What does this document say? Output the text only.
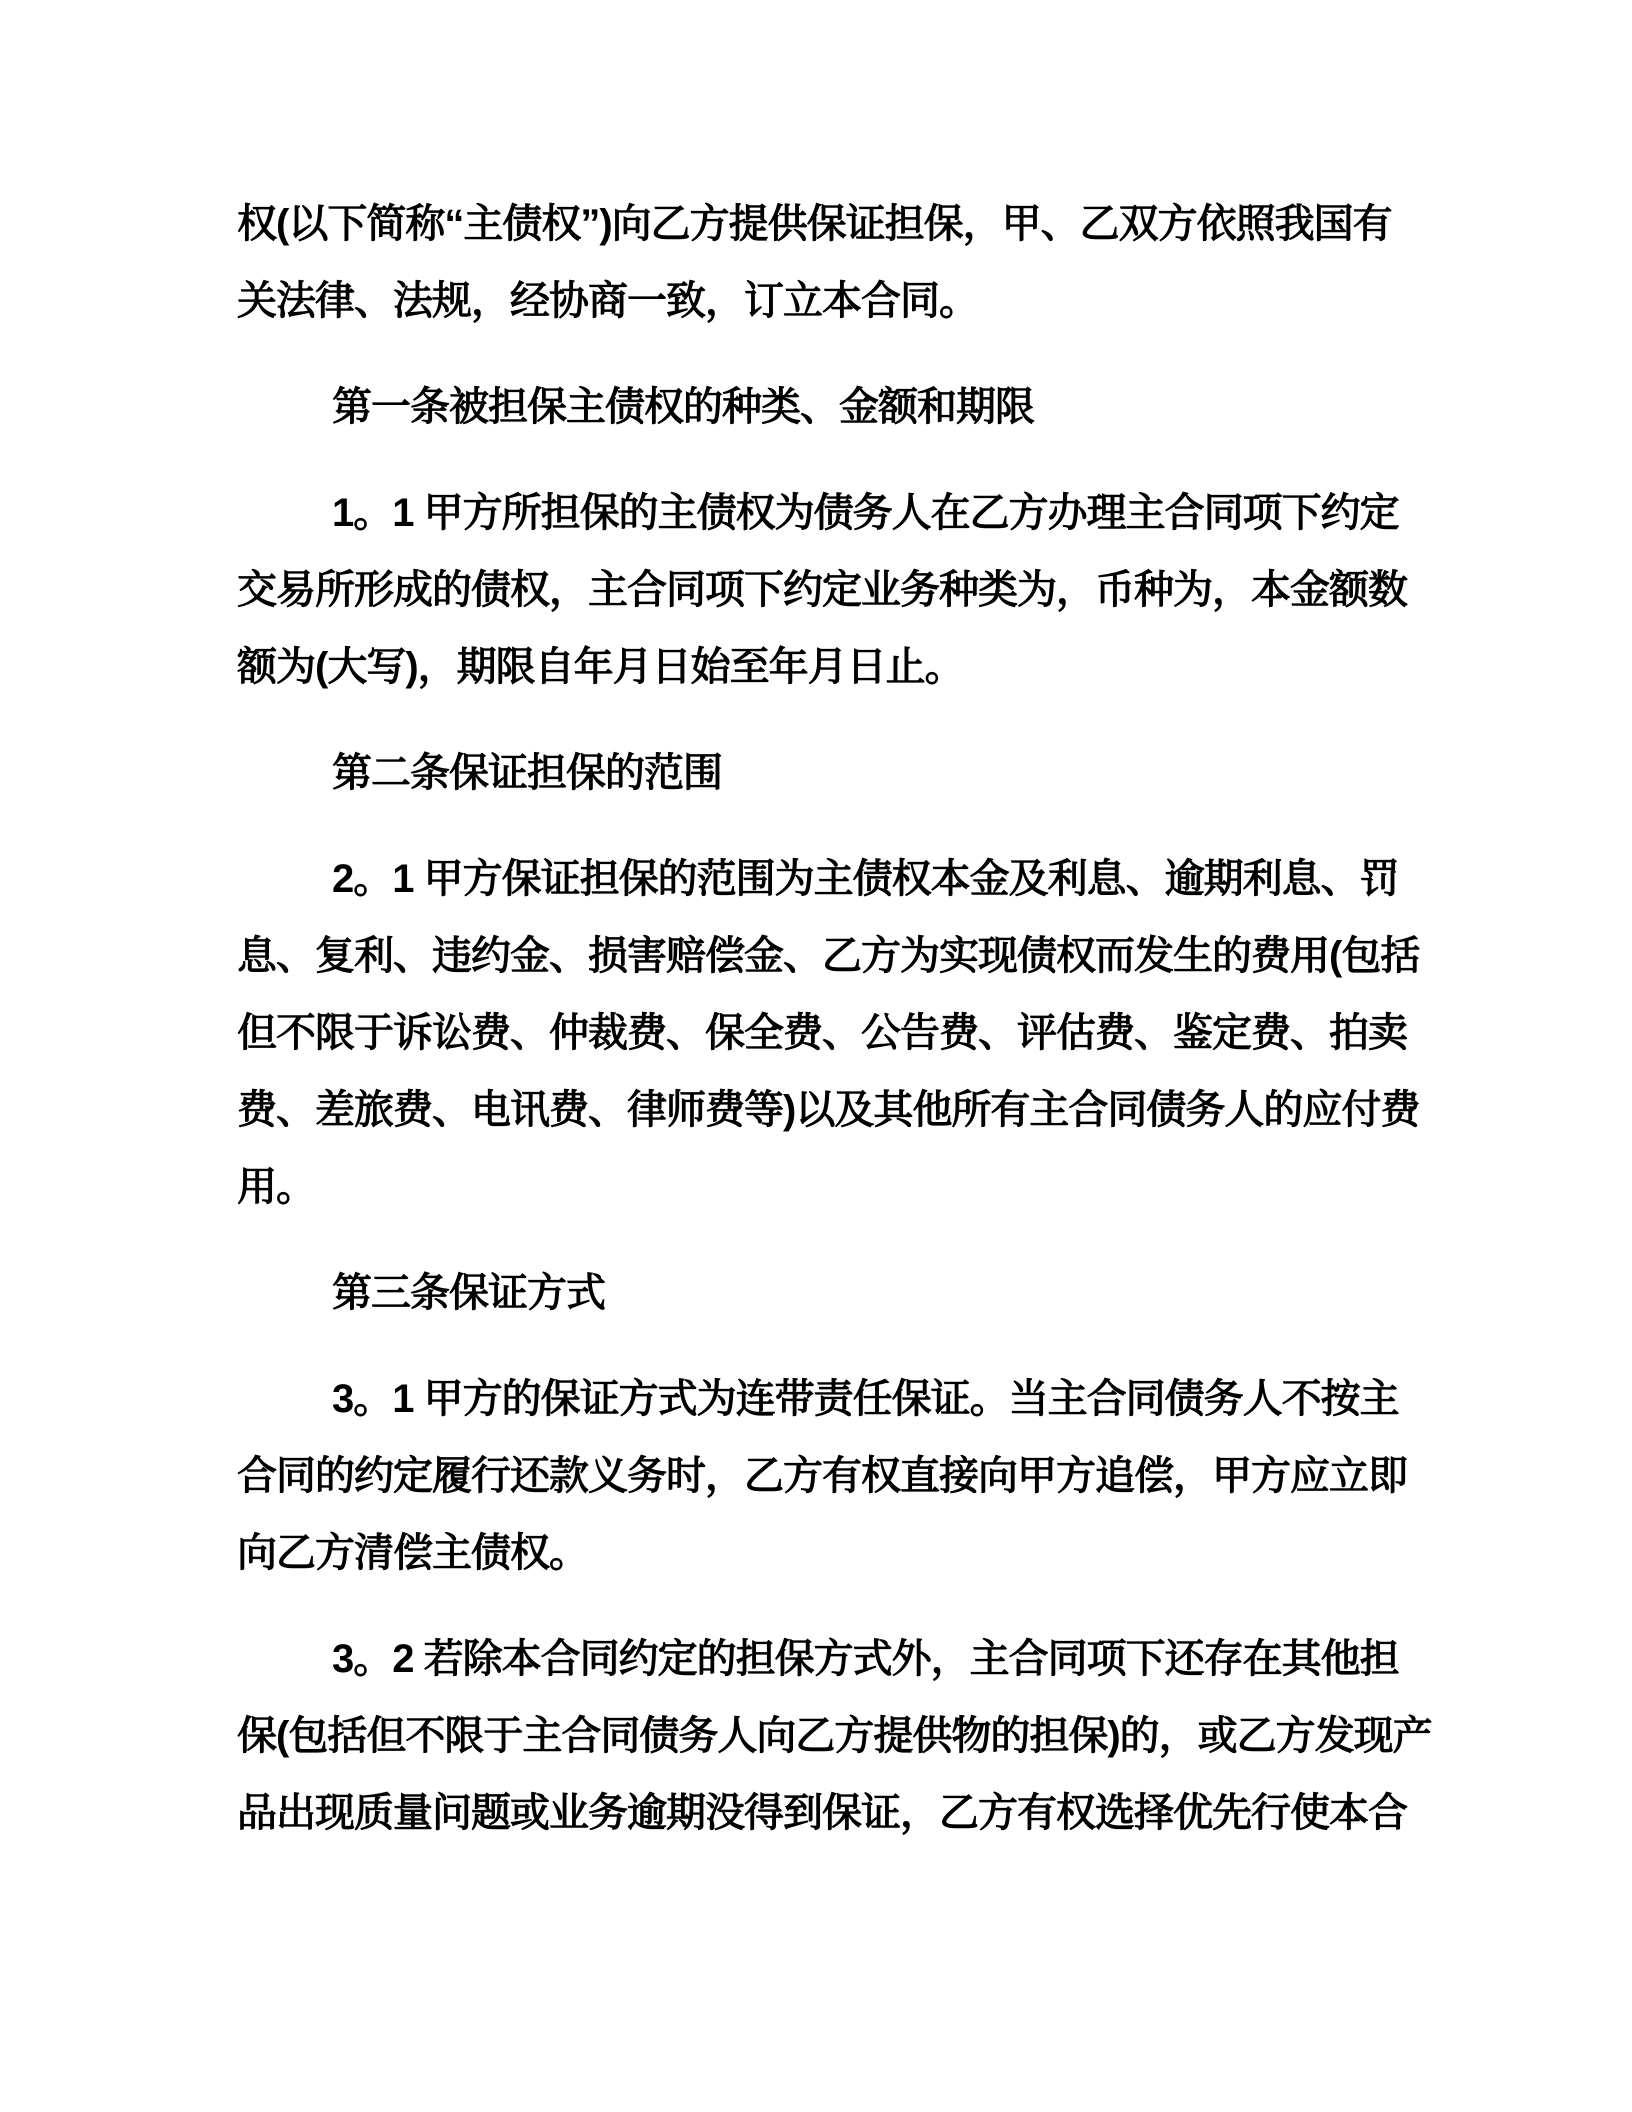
权(以下简称“主债权”)向乙方提供保证担保，甲、乙双方依照我国有
关法律、法规，经协商一致，订立本合同。
第一条被担保主债权的种类、金额和期限
1。1 甲方所担保的主债权为债务人在乙方办理主合同项下约定
交易所形成的债权，主合同项下约定业务种类为，币种为，本金额数
额为(大写)，期限自年月日始至年月日止。
第二条保证担保的范围
2。1 甲方保证担保的范围为主债权本金及利息、逾期利息、罚
息、复利、违约金、损害赔偿金、乙方为实现债权而发生的费用(包括
但不限于诉讼费、仲裁费、保全费、公告费、评估费、鉴定费、拍卖
费、差旅费、电讯费、律师费等)以及其他所有主合同债务人的应付费
用。
第三条保证方式
3。1 甲方的保证方式为连带责任保证。当主合同债务人不按主
合同的约定履行还款义务时，乙方有权直接向甲方追偿，甲方应立即
向乙方清偿主债权。
3。2 若除本合同约定的担保方式外，主合同项下还存在其他担
保(包括但不限于主合同债务人向乙方提供物的担保)的，或乙方发现产
品出现质量问题或业务逾期没得到保证，乙方有权选择优先行使本合
